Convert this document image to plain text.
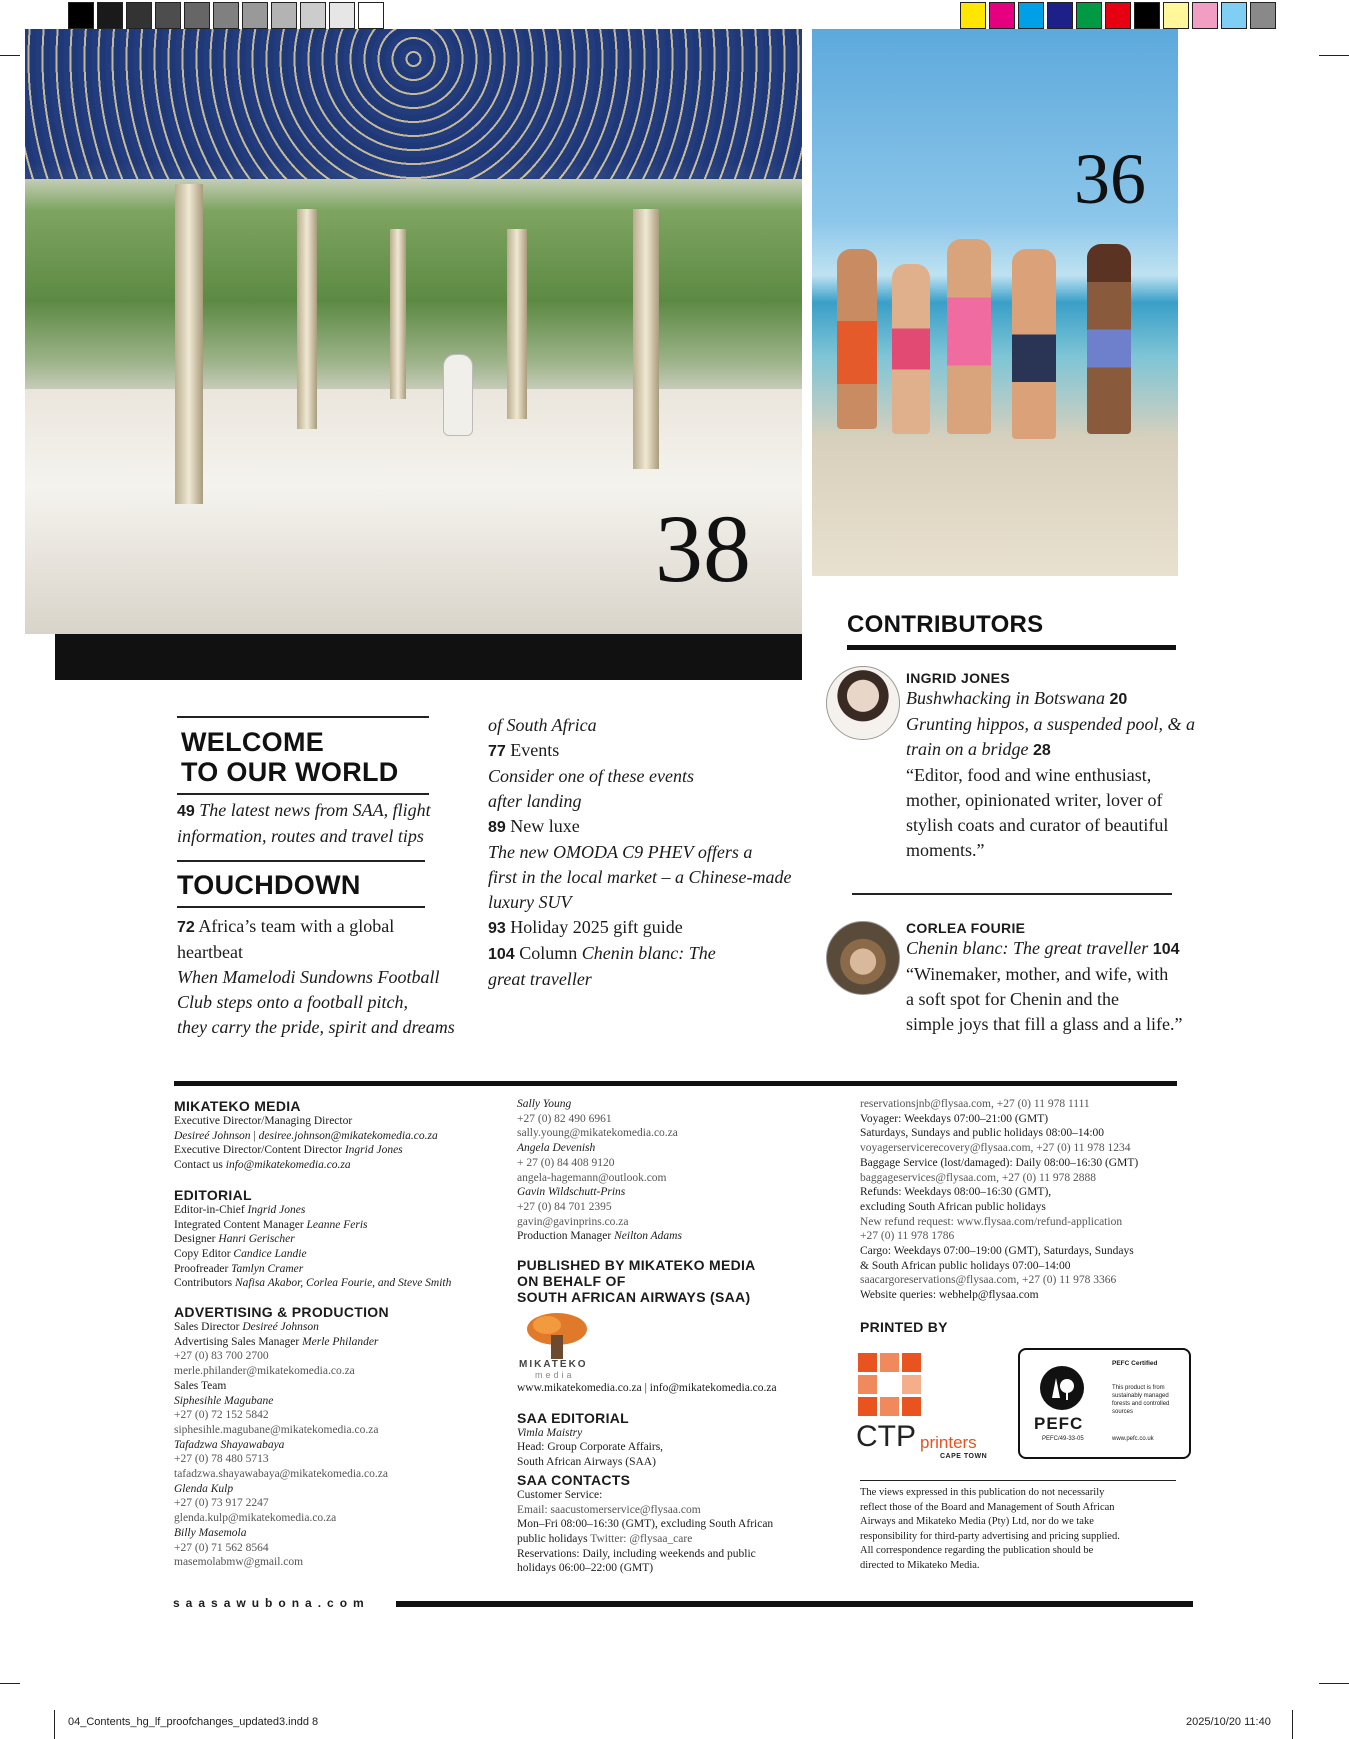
38
36
WELCOME
TO OUR WORLD
49 The latest news from SAA, flight
information, routes and travel tips
TOUCHDOWN
72 Africa’s team with a global
heartbeat
When Mamelodi Sundowns Football
Club steps onto a football pitch,
they carry the pride, spirit and dreams
of South Africa
77 Events
Consider one of these events
after landing
89 New luxe
The new OMODA C9 PHEV offers a
first in the local market – a Chinese-made
luxury SUV
93 Holiday 2025 gift guide
104 Column Chenin blanc: The
great traveller
CONTRIBUTORS
INGRID JONES
Bushwhacking in Botswana 20
Grunting hippos, a suspended pool, & a
train on a bridge 28
“Editor, food and wine enthusiast,
mother, opinionated writer, lover of
stylish coats and curator of beautiful
moments.”
CORLEA FOURIE
Chenin blanc: The great traveller 104
“Winemaker, mother, and wife, with
a soft spot for Chenin and the
simple joys that fill a glass and a life.”
MIKATEKO MEDIA
Executive Director/Managing Director
Desireé Johnson | desiree.johnson@mikatekomedia.co.za
Executive Director/Content Director Ingrid Jones
Contact us info@mikatekomedia.co.za
EDITORIAL
Editor-in-Chief Ingrid Jones
Integrated Content Manager Leanne Feris
Designer Hanri Gerischer
Copy Editor Candice Landie
Proofreader Tamlyn Cramer
Contributors Nafisa Akabor, Corlea Fourie, and Steve Smith
ADVERTISING & PRODUCTION
Sales Director Desireé Johnson
Advertising Sales Manager Merle Philander
+27 (0) 83 700 2700
merle.philander@mikatekomedia.co.za
Sales Team
Siphesihle Magubane
+27 (0) 72 152 5842
siphesihle.magubane@mikatekomedia.co.za
Tafadzwa Shayawabaya
+27 (0) 78 480 5713
tafadzwa.shayawabaya@mikatekomedia.co.za
Glenda Kulp
+27 (0) 73 917 2247
glenda.kulp@mikatekomedia.co.za
Billy Masemola
+27 (0) 71 562 8564
masemolabmw@gmail.com
Sally Young
+27 (0) 82 490 6961
sally.young@mikatekomedia.co.za
Angela Devenish
+ 27 (0) 84 408 9120
angela-hagemann@outlook.com
Gavin Wildschutt-Prins
+27 (0) 84 701 2395
gavin@gavinprins.co.za
Production Manager Neilton Adams
PUBLISHED BY MIKATEKO MEDIA
ON BEHALF OF
SOUTH AFRICAN AIRWAYS (SAA)
MIKATEKO
media
www.mikatekomedia.co.za | info@mikatekomedia.co.za
SAA EDITORIAL
Vimla Maistry
Head: Group Corporate Affairs,
South African Airways (SAA)
SAA CONTACTS
Customer Service:
Email: saacustomerservice@flysaa.com
Mon–Fri 08:00–16:30 (GMT), excluding South African
public holidays Twitter: @flysaa_care
Reservations: Daily, including weekends and public
holidays 06:00–22:00 (GMT)
reservationsjnb@flysaa.com, +27 (0) 11 978 1111
Voyager: Weekdays 07:00–21:00 (GMT)
Saturdays, Sundays and public holidays 08:00–14:00
voyagerservicerecovery@flysaa.com, +27 (0) 11 978 1234
Baggage Service (lost/damaged): Daily 08:00–16:30 (GMT)
baggageservices@flysaa.com, +27 (0) 11 978 2888
Refunds: Weekdays 08:00–16:30 (GMT),
excluding South African public holidays
New refund request: www.flysaa.com/refund-application
+27 (0) 11 978 1786
Cargo: Weekdays 07:00–19:00 (GMT), Saturdays, Sundays
& South African public holidays 07:00–14:00
saacargoreservations@flysaa.com, +27 (0) 11 978 3366
Website queries: webhelp@flysaa.com
PRINTED BY
CTP printers
CAPE TOWN
PEFC
PEFC/49-33-05
PEFC Certified
This product is from
sustainably managed
forests and controlled
sources
www.pefc.co.uk
The views expressed in this publication do not necessarily
reflect those of the Board and Management of South African
Airways and Mikateko Media (Pty) Ltd, nor do we take
responsibility for third-party advertising and pricing supplied.
All correspondence regarding the publication should be
directed to Mikateko Media.
saasawubona.com
04_Contents_hg_lf_proofchanges_updated3.indd 8	2025/10/20 11:40
